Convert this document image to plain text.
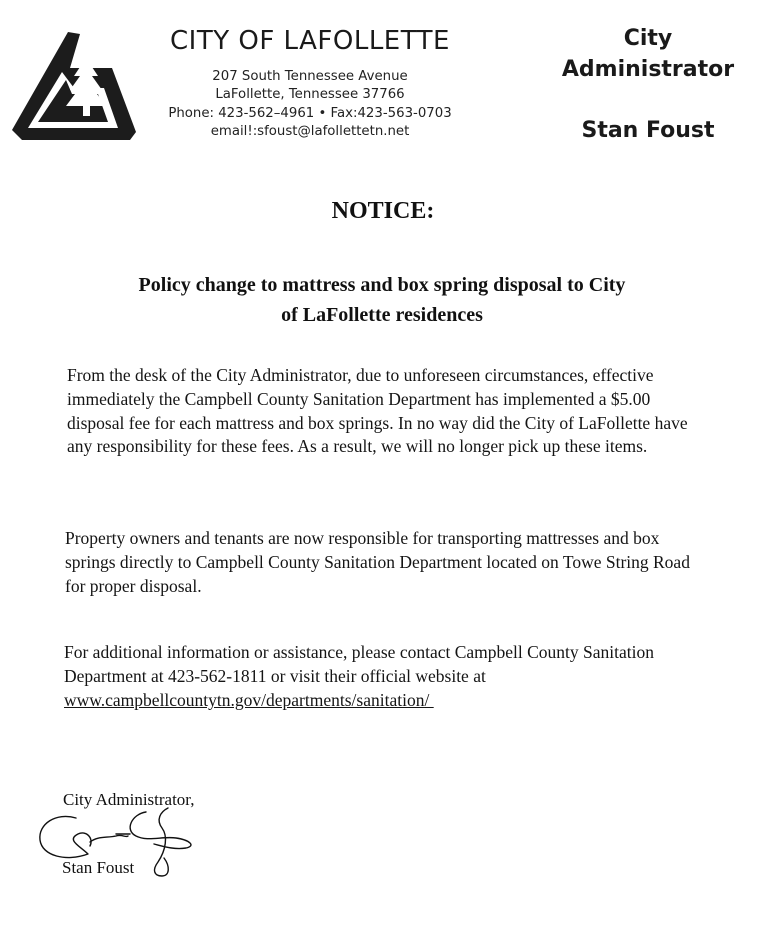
CITY OF LAFOLLETTE
207 South Tennessee Avenue
LaFollette, Tennessee 37766
Phone: 423-562–4961 • Fax:423-563-0703
email!:sfoust@lafollettetn.net
City
Administrator
Stan Foust
NOTICE:
Policy change to mattress and box spring disposal to City of LaFollette residences
From the desk of the City Administrator, due to unforeseen circumstances, effective immediately the Campbell County Sanitation Department has implemented a $5.00 disposal fee for each mattress and box springs. In no way did the City of LaFollette have any responsibility for these fees. As a result, we will no longer pick up these items.
Property owners and tenants are now responsible for transporting mattresses and box springs directly to Campbell County Sanitation Department located on Towe String Road for proper disposal.
For additional information or assistance, please contact Campbell County Sanitation Department at 423-562-1811 or visit their official website at
www.campbellcountytn.gov/departments/sanitation/
City Administrator,
Stan Foust
